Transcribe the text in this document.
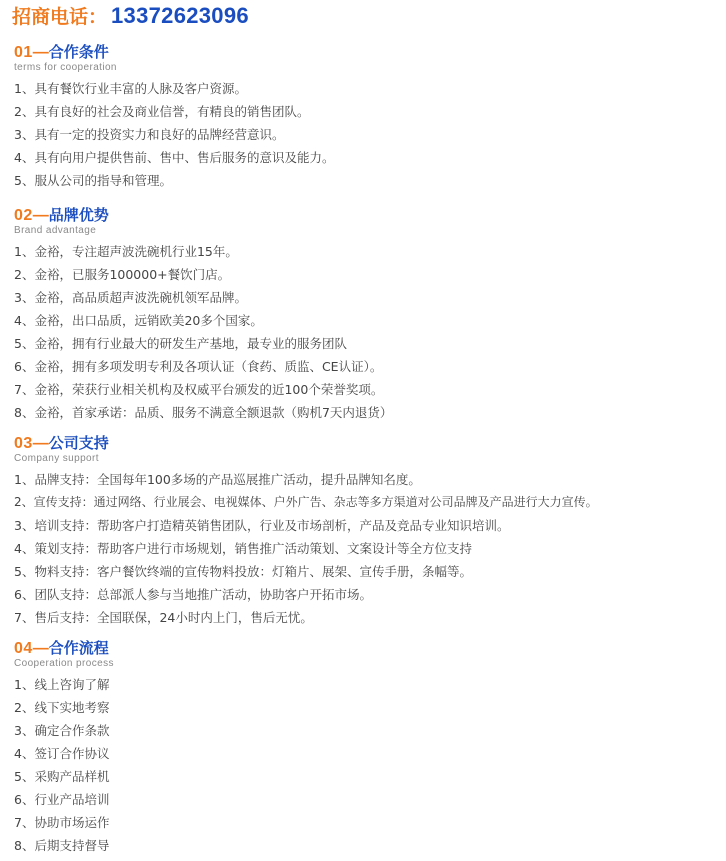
招商电话： 13372623096
01—合作条件
terms for cooperation
1、具有餐饮行业丰富的人脉及客户资源。
2、具有良好的社会及商业信誉，有精良的销售团队。
3、具有一定的投资实力和良好的品牌经营意识。
4、具有向用户提供售前、售中、售后服务的意识及能力。
5、服从公司的指导和管理。
02—品牌优势
Brand advantage
1、金裕，专注超声波洗碗机行业15年。
2、金裕，已服务100000+餐饮门店。
3、金裕，高品质超声波洗碗机领军品牌。
4、金裕，出口品质，远销欧美20多个国家。
5、金裕，拥有行业最大的研发生产基地，最专业的服务团队
6、金裕，拥有多项发明专利及各项认证（食药、质监、CE认证）。
7、金裕，荣获行业相关机构及权威平台颁发的近100个荣誉奖项。
8、金裕，首家承诺：品质、服务不满意全额退款（购机7天内退货）
03—公司支持
Company support
1、品牌支持：全国每年100多场的产品巡展推广活动，提升品牌知名度。
2、宣传支持：通过网络、行业展会、电视媒体、户外广告、杂志等多方渠道对公司品牌及产品进行大力宣传。
3、培训支持：帮助客户打造精英销售团队，行业及市场剖析，产品及竞品专业知识培训。
4、策划支持：帮助客户进行市场规划，销售推广活动策划、文案设计等全方位支持
5、物料支持：客户餐饮终端的宣传物料投放：灯箱片、展架、宣传手册，条幅等。
6、团队支持：总部派人参与当地推广活动，协助客户开拓市场。
7、售后支持：全国联保，24小时内上门，售后无忧。
04—合作流程
Cooperation process
1、线上咨询了解
2、线下实地考察
3、确定合作条款
4、签订合作协议
5、采购产品样机
6、行业产品培训
7、协助市场运作
8、后期支持督导
